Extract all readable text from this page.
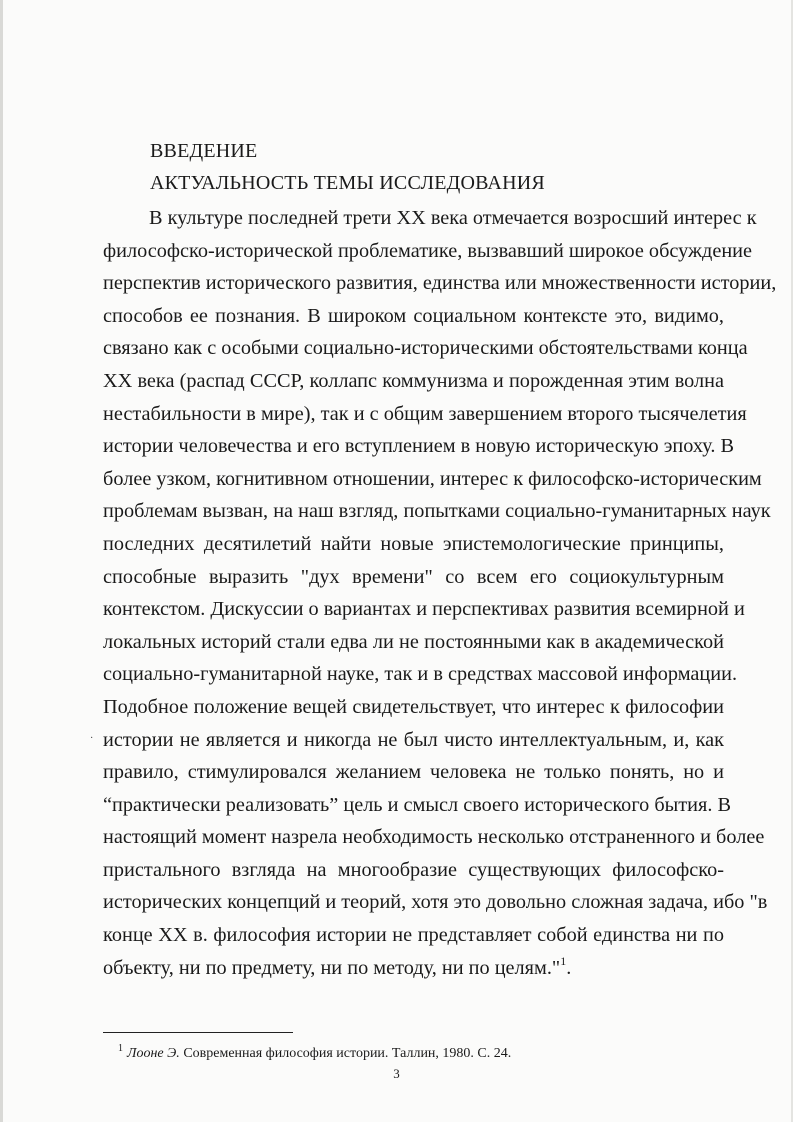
ВВЕДЕНИЕ
АКТУАЛЬНОСТЬ ТЕМЫ ИССЛЕДОВАНИЯ
В культуре последней трети XX века отмечается возросший интерес к
философско-исторической проблематике, вызвавший широкое обсуждение
перспектив исторического развития, единства или множественности истории,
способов ее познания. В широком социальном контексте это, видимо,
связано как с особыми социально-историческими обстоятельствами конца
XX века (распад СССР, коллапс коммунизма и порожденная этим волна
нестабильности в мире), так и с общим завершением второго тысячелетия
истории человечества и его вступлением в новую историческую эпоху. В
более узком, когнитивном отношении, интерес к философско-историческим
проблемам вызван, на наш взгляд, попытками социально-гуманитарных наук
последних десятилетий найти новые эпистемологические принципы,
способные выразить "дух времени" со всем его социокультурным
контекстом. Дискуссии о вариантах и перспективах развития всемирной и
локальных историй стали едва ли не постоянными как в академической
социально-гуманитарной науке, так и в средствах массовой информации.
Подобное положение вещей свидетельствует, что интерес к философии
истории не является и никогда не был чисто интеллектуальным, и, как
правило, стимулировался желанием человека не только понять, но и
“практически реализовать” цель и смысл своего исторического бытия. В
настоящий момент назрела необходимость несколько отстраненного и более
пристального взгляда на многообразие существующих философско-
исторических концепций и теорий, хотя это довольно сложная задача, ибо "в
конце XX в. философия истории не представляет собой единства ни по
объекту, ни по предмету, ни по методу, ни по целям."$^1$.
·
$^1$ Лооне Э. Современная философия истории. Таллин, 1980. С. 24.
3
